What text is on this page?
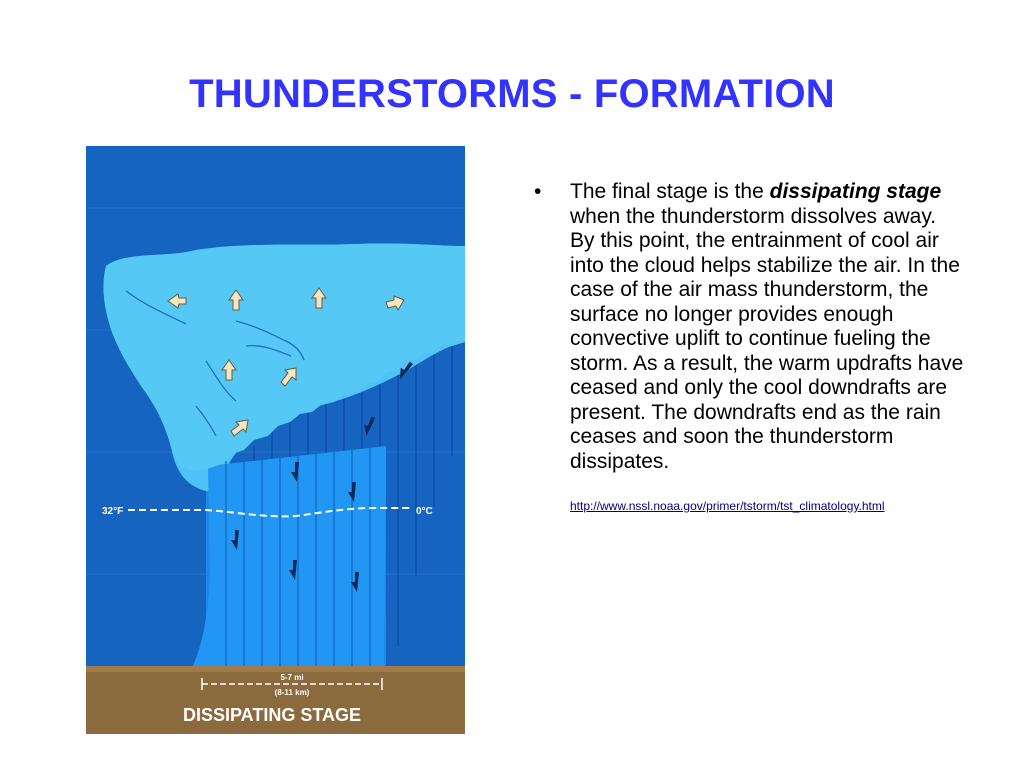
THUNDERSTORMS - FORMATION
32°F	0°C
5-7 mi
(8-11 km)
DISSIPATING STAGE
•	The final stage is the dissipating stage when the thunderstorm dissolves away. By this point, the entrainment of cool air into the cloud helps stabilize the air. In the case of the air mass thunderstorm, the surface no longer provides enough convective uplift to continue fueling the storm. As a result, the warm updrafts have ceased and only the cool downdrafts are present. The downdrafts end as the rain ceases and soon the thunderstorm dissipates.
http://www.nssl.noaa.gov/primer/tstorm/tst_climatology.html
